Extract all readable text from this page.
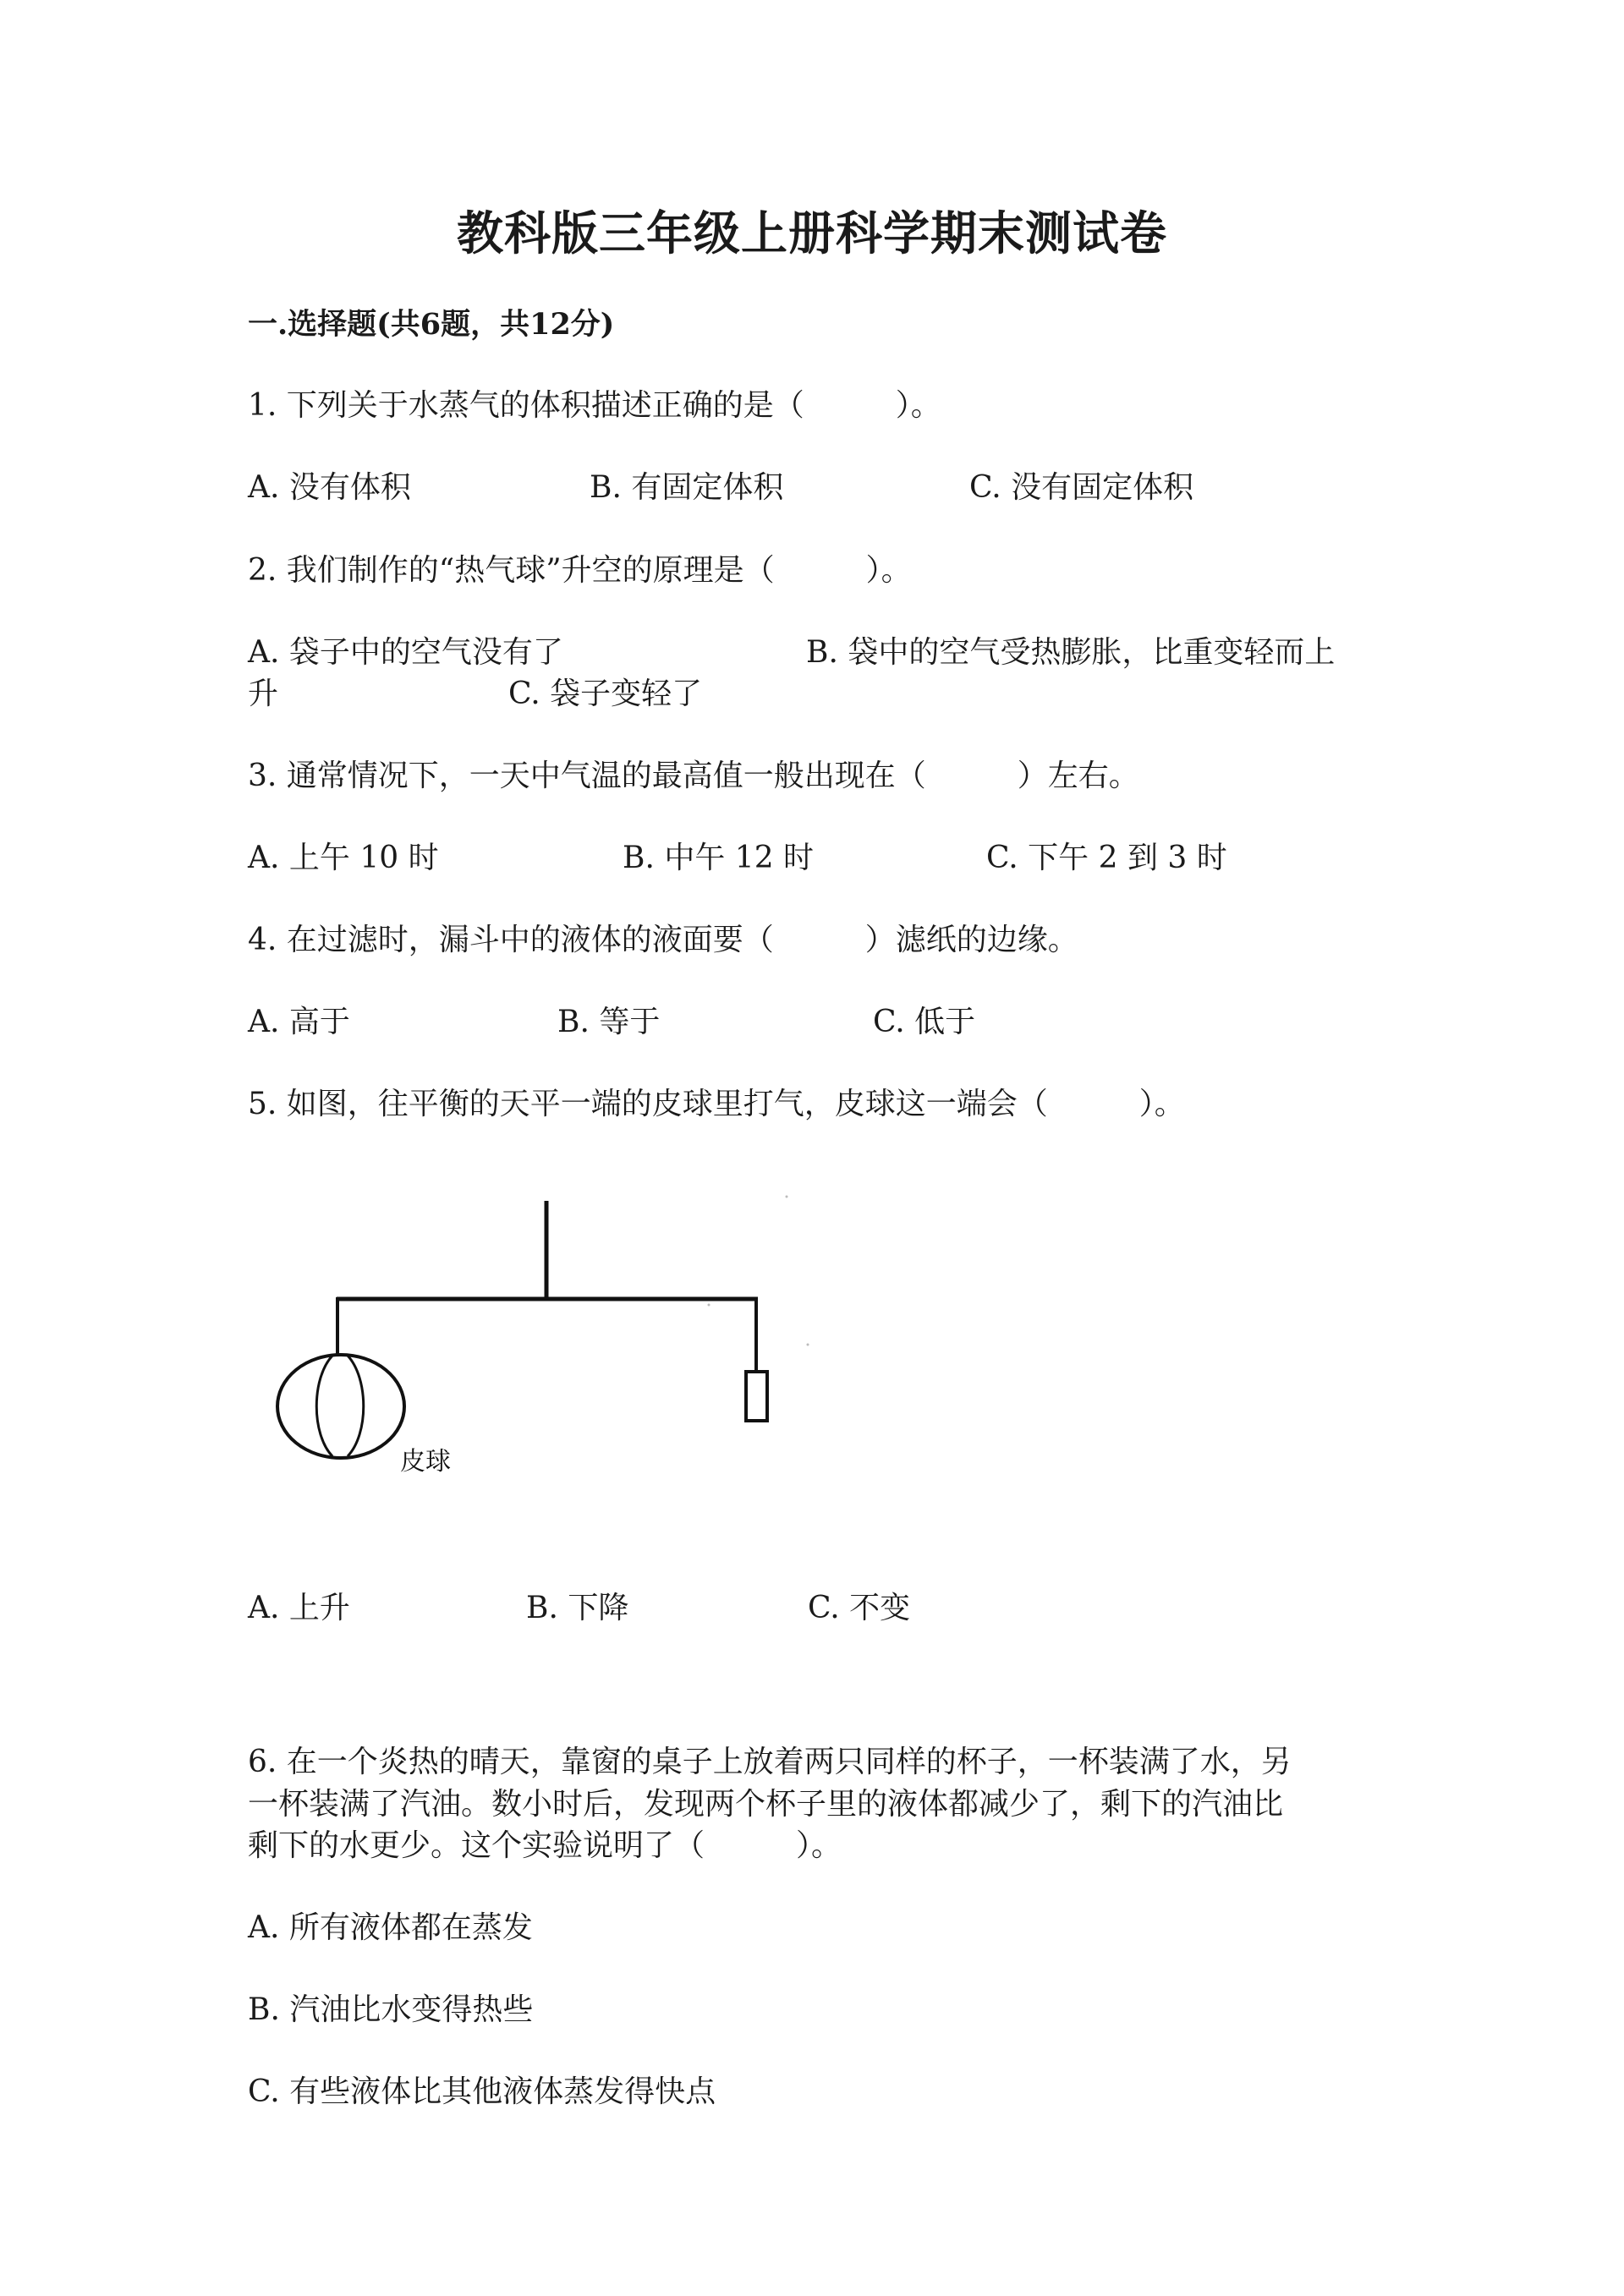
教科版三年级上册科学期末测试卷
一.选择题(共6题，共12分)
1. 下列关于水蒸气的体积描述正确的是（　　　）。
A. 没有体积	B. 有固定体积	C. 没有固定体积
2. 我们制作的“热气球”升空的原理是（　　　）。
A. 袋子中的空气没有了	B. 袋中的空气受热膨胀，比重变轻而上
升	C. 袋子变轻了
3. 通常情况下，一天中气温的最高值一般出现在（　　　）左右。
A. 上午 10 时	B. 中午 12 时	C. 下午 2 到 3 时
4. 在过滤时，漏斗中的液体的液面要（　　　）滤纸的边缘。
A. 高于	B. 等于	C. 低于
5. 如图，往平衡的天平一端的皮球里打气，皮球这一端会（　　　）。
皮球
A. 上升	B. 下降	C. 不变
6. 在一个炎热的晴天，靠窗的桌子上放着两只同样的杯子，一杯装满了水，另
一杯装满了汽油。数小时后，发现两个杯子里的液体都减少了，剩下的汽油比
剩下的水更少。这个实验说明了（　　　）。
A. 所有液体都在蒸发
B. 汽油比水变得热些
C. 有些液体比其他液体蒸发得快点
